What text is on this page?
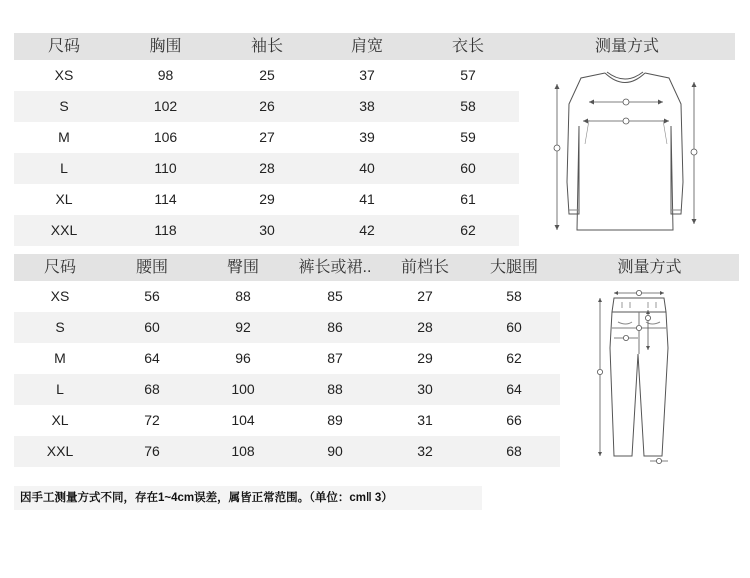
尺码	胸围	袖长	肩宽	衣长	测量方式
XS	98	25	37	57
S	102	26	38	58
M	106	27	39	59
L	110	28	40	60
XL	114	29	41	61
XXL	118	30	42	62
尺码	腰围	臀围	裤长或裙..	前档长	大腿围	测量方式
XS	56	88	85	27	58
S	60	92	86	28	60
M	64	96	87	29	62
L	68	100	88	30	64
XL	72	104	89	31	66
XXL	76	108	90	32	68
因手工测量方式不同，存在1~4cm误差，属皆正常范围。（单位：cm‖ 3）
